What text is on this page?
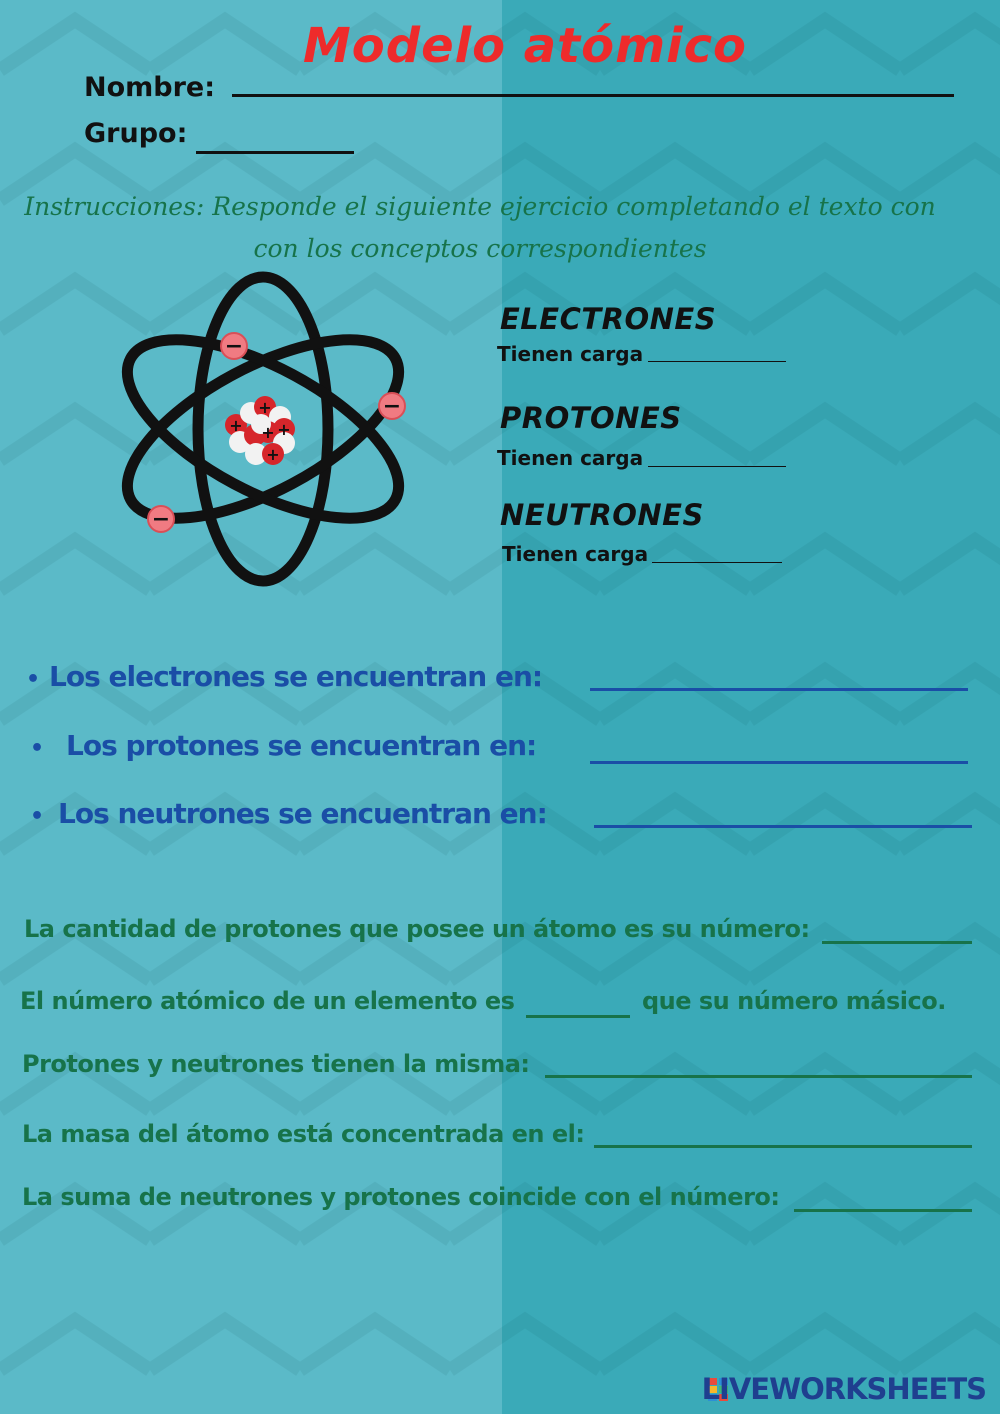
Modelo atómico
Nombre:
Grupo:
Instrucciones: Responde el siguiente ejercicio completando el texto con con los conceptos correspondientes
+
+
+
+
+
−
−
−
ELECTRONES
Tienen carga
PROTONES
Tienen carga
NEUTRONES
Tienen carga
• Los electrones se encuentran en:
• Los protones se encuentran en:
• Los neutrones se encuentran en:
La cantidad de protones que posee un átomo es su número:
El número atómico de un elemento es	que su número másico.
Protones y neutrones tienen la misma:
La masa del átomo está concentrada en el:
La suma de neutrones y protones coincide con el número:
LIVEWORKSHEETS
